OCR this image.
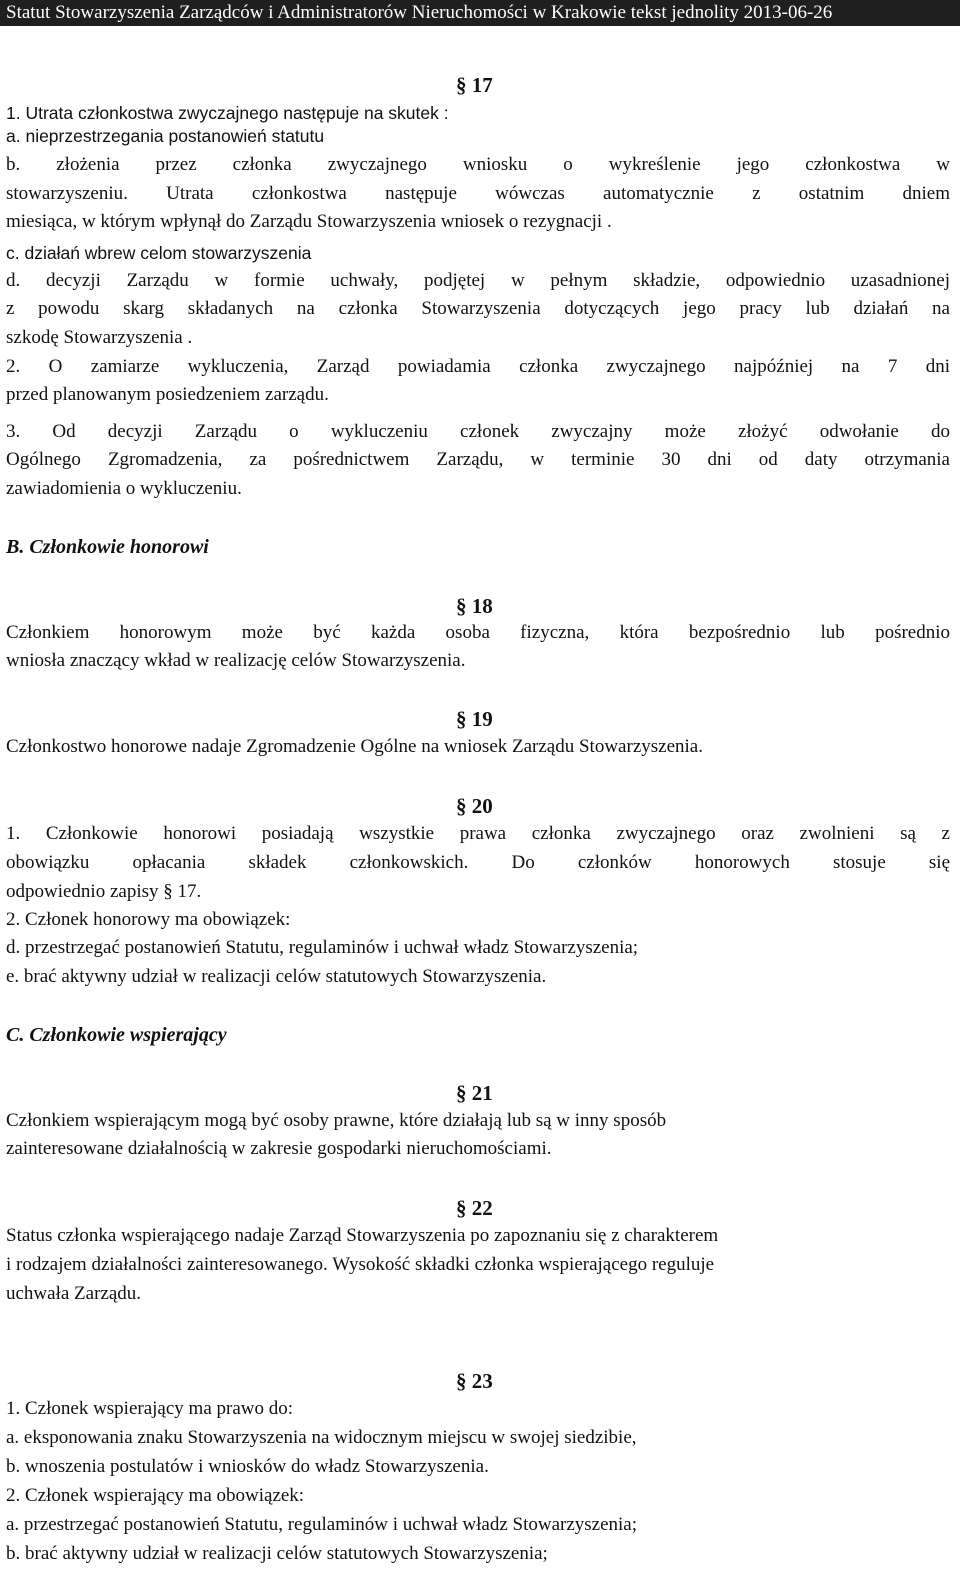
Statut Stowarzyszenia Zarządców i Administratorów Nieruchomości w Krakowie tekst jednolity 2013-06-26
§ 17
1. Utrata członkostwa zwyczajnego następuje na skutek :
a. nieprzestrzegania postanowień statutu
b. złożenia przez członka zwyczajnego wniosku o wykreślenie jego członkostwa w
stowarzyszeniu. Utrata członkostwa następuje wówczas automatycznie z ostatnim dniem
miesiąca, w którym wpłynął do Zarządu Stowarzyszenia wniosek o rezygnacji .
c. działań wbrew celom stowarzyszenia
d. decyzji Zarządu w formie uchwały, podjętej w pełnym składzie, odpowiednio uzasadnionej
z powodu skarg składanych na członka Stowarzyszenia dotyczących jego pracy lub działań na
szkodę Stowarzyszenia .
2. O zamiarze wykluczenia, Zarząd powiadamia członka zwyczajnego najpóźniej na 7 dni
przed planowanym posiedzeniem zarządu.
3. Od decyzji Zarządu o wykluczeniu członek zwyczajny może złożyć odwołanie do
Ogólnego Zgromadzenia, za pośrednictwem Zarządu, w terminie 30 dni od daty otrzymania
zawiadomienia o wykluczeniu.
B. Członkowie honorowi
§ 18
Członkiem honorowym może być każda osoba fizyczna, która bezpośrednio lub pośrednio
wniosła znaczący wkład w realizację celów Stowarzyszenia.
§ 19
Członkostwo honorowe nadaje Zgromadzenie Ogólne na wniosek Zarządu Stowarzyszenia.
§ 20
1. Członkowie honorowi posiadają wszystkie prawa członka zwyczajnego oraz zwolnieni są z
obowiązku opłacania składek członkowskich. Do członków honorowych stosuje się
odpowiednio zapisy § 17.
2. Członek honorowy ma obowiązek:
d. przestrzegać postanowień Statutu, regulaminów i uchwał władz Stowarzyszenia;
e. brać aktywny udział w realizacji celów statutowych Stowarzyszenia.
C. Członkowie wspierający
§ 21
Członkiem wspierającym mogą być osoby prawne, które działają lub są w inny sposób
zainteresowane działalnością w zakresie gospodarki nieruchomościami.
§ 22
Status członka wspierającego nadaje Zarząd Stowarzyszenia po zapoznaniu się z charakterem
i rodzajem działalności zainteresowanego. Wysokość składki członka wspierającego reguluje
uchwała Zarządu.
§ 23
1. Członek wspierający ma prawo do:
a. eksponowania znaku Stowarzyszenia na widocznym miejscu w swojej siedzibie,
b. wnoszenia postulatów i wniosków do władz Stowarzyszenia.
2. Członek wspierający ma obowiązek:
a. przestrzegać postanowień Statutu, regulaminów i uchwał władz Stowarzyszenia;
b. brać aktywny udział w realizacji celów statutowych Stowarzyszenia;
